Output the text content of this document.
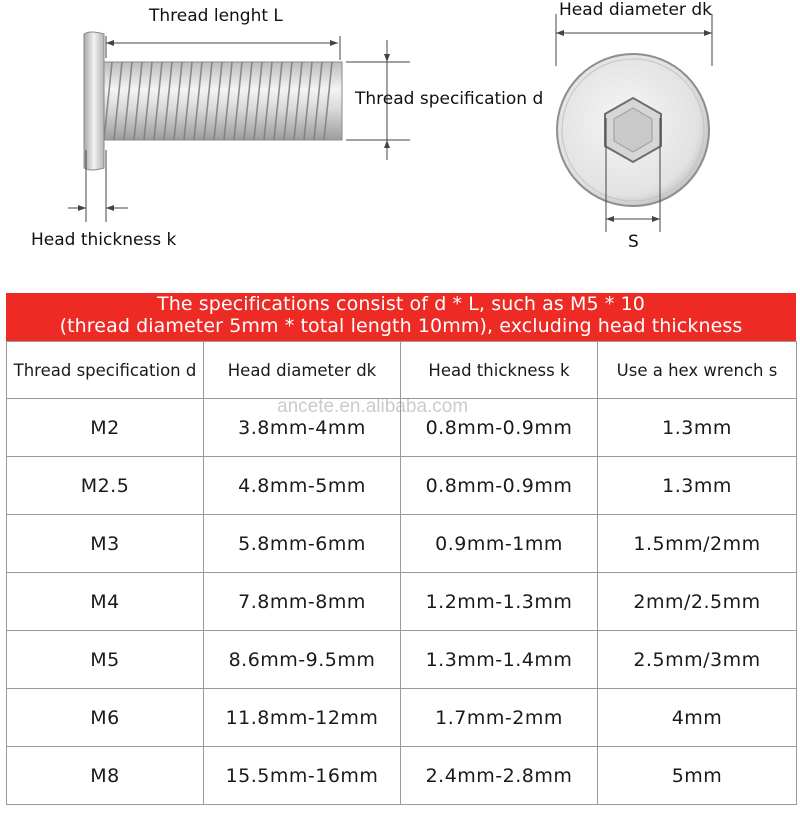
Thread lenght L
Thread specification d
Head thickness k
Head diameter dk
S
The specifications consist of d * L, such as M5 * 10
(thread diameter 5mm * total length 10mm), excluding head thickness
Thread specification d	Head diameter dk	Head thickness k	Use a hex wrench s
M2	3.8mm-4mm	0.8mm-0.9mm	1.3mm
M2.5	4.8mm-5mm	0.8mm-0.9mm	1.3mm
M3	5.8mm-6mm	0.9mm-1mm	1.5mm/2mm
M4	7.8mm-8mm	1.2mm-1.3mm	2mm/2.5mm
M5	8.6mm-9.5mm	1.3mm-1.4mm	2.5mm/3mm
M6	11.8mm-12mm	1.7mm-2mm	4mm
M8	15.5mm-16mm	2.4mm-2.8mm	5mm
ancete.en.alibaba.com
